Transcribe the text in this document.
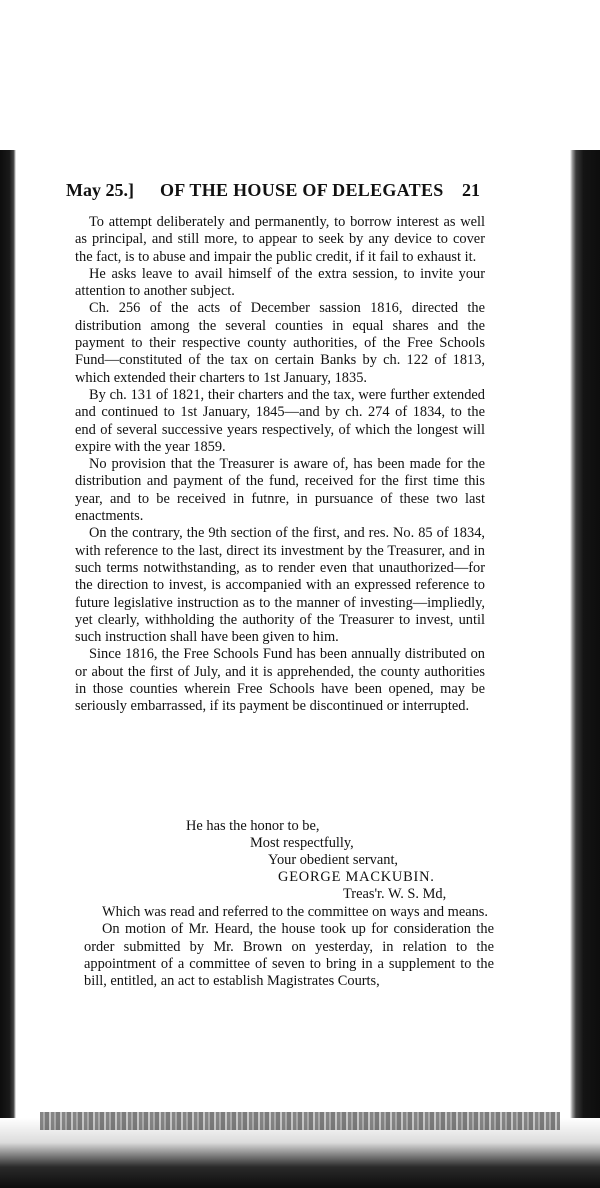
May 25.] OF THE HOUSE OF DELEGATES 21

To attempt deliberately and permanently, to borrow interest as well as principal, and still more, to appear to seek by any device to cover the fact, is to abuse and impair the public credit, if it fail to exhaust it.

He asks leave to avail himself of the extra session, to invite your attention to another subject.

Ch. 256 of the acts of December sassion 1816, directed the distribution among the several counties in equal shares and the payment to their respective county authorities, of the Free Schools Fund—constituted of the tax on certain Banks by ch. 122 of 1813, which extended their charters to 1st January, 1835.

By ch. 131 of 1821, their charters and the tax, were further extended and continued to 1st January, 1845—and by ch. 274 of 1834, to the end of several successive years respectively, of which the longest will expire with the year 1859.

No provision that the Treasurer is aware of, has been made for the distribution and payment of the fund, received for the first time this year, and to be received in futnre, in pursuance of these two last enactments.

On the contrary, the 9th section of the first, and res. No. 85 of 1834, with reference to the last, direct its investment by the Treasurer, and in such terms notwithstanding, as to render even that unauthorized—for the direction to invest, is accompanied with an expressed reference to future legislative instruction as to the manner of investing—impliedly, yet clearly, withholding the authority of the Treasurer to invest, until such instruction shall have been given to him.

Since 1816, the Free Schools Fund has been annually distributed on or about the first of July, and it is apprehended, the county authorities in those counties wherein Free Schools have been opened, may be seriously embarrassed, if its payment be discontinued or interrupted.

He has the honor to be,
Most respectfully,
Your obedient servant,
GEORGE MACKUBIN.
Treas'r. W. S. Md,

Which was read and referred to the committee on ways and means.

On motion of Mr. Heard, the house took up for consideration the order submitted by Mr. Brown on yesterday, in relation to the appointment of a committee of seven to bring in a supplement to the bill, entitled, an act to establish Magistrates Courts,
